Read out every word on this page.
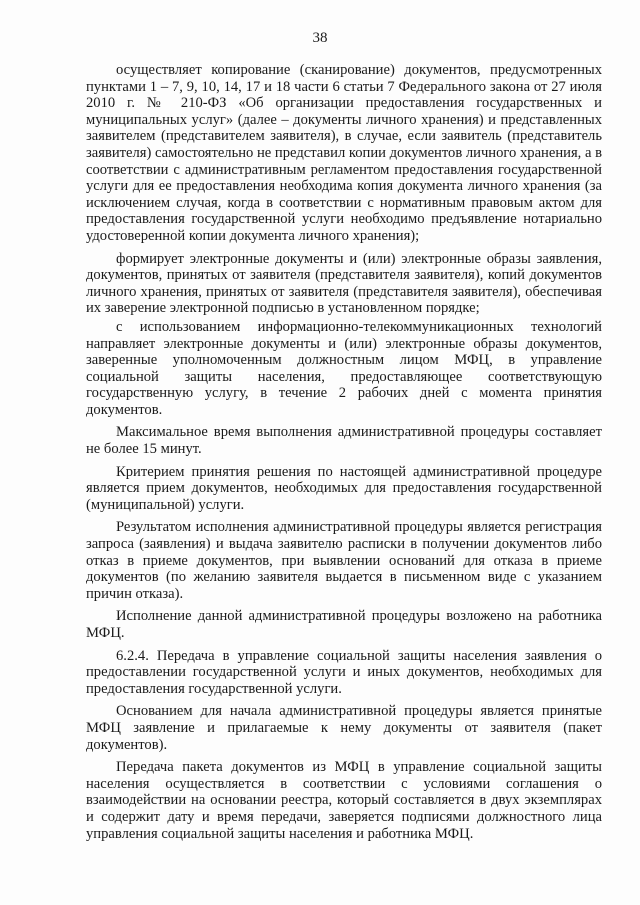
38

осуществляет копирование (сканирование) документов, предусмотренных пунктами 1 – 7, 9, 10, 14, 17 и 18 части 6 статьи 7 Федерального закона от 27 июля 2010 г. № 210-ФЗ «Об организации предоставления государственных и муниципальных услуг» (далее – документы личного хранения) и представленных заявителем (представителем заявителя), в случае, если заявитель (представитель заявителя) самостоятельно не представил копии документов личного хранения, а в соответствии с административным регламентом предоставления государственной услуги для ее предоставления необходима копия документа личного хранения (за исключением случая, когда в соответствии с нормативным правовым актом для предоставления государственной услуги необходимо предъявление нотариально удостоверенной копии документа личного хранения);

формирует электронные документы и (или) электронные образы заявления, документов, принятых от заявителя (представителя заявителя), копий документов личного хранения, принятых от заявителя (представителя заявителя), обеспечивая их заверение электронной подписью в установленном порядке;

с использованием информационно-телекоммуникационных технологий направляет электронные документы и (или) электронные образы документов, заверенные уполномоченным должностным лицом МФЦ, в управление социальной защиты населения, предоставляющее соответствующую государственную услугу, в течение 2 рабочих дней с момента принятия документов.

Максимальное время выполнения административной процедуры составляет не более 15 минут.

Критерием принятия решения по настоящей административной процедуре является прием документов, необходимых для предоставления государственной (муниципальной) услуги.

Результатом исполнения административной процедуры является регистрация запроса (заявления) и выдача заявителю расписки в получении документов либо отказ в приеме документов, при выявлении оснований для отказа в приеме документов (по желанию заявителя выдается в письменном виде с указанием причин отказа).

Исполнение данной административной процедуры возложено на работника МФЦ.

6.2.4. Передача в управление социальной защиты населения заявления о предоставлении государственной услуги и иных документов, необходимых для предоставления государственной услуги.

Основанием для начала административной процедуры является принятые МФЦ заявление и прилагаемые к нему документы от заявителя (пакет документов).

Передача пакета документов из МФЦ в управление социальной защиты населения осуществляется в соответствии с условиями соглашения о взаимодействии на основании реестра, который составляется в двух экземплярах и содержит дату и время передачи, заверяется подписями должностного лица управления социальной защиты населения и работника МФЦ.
